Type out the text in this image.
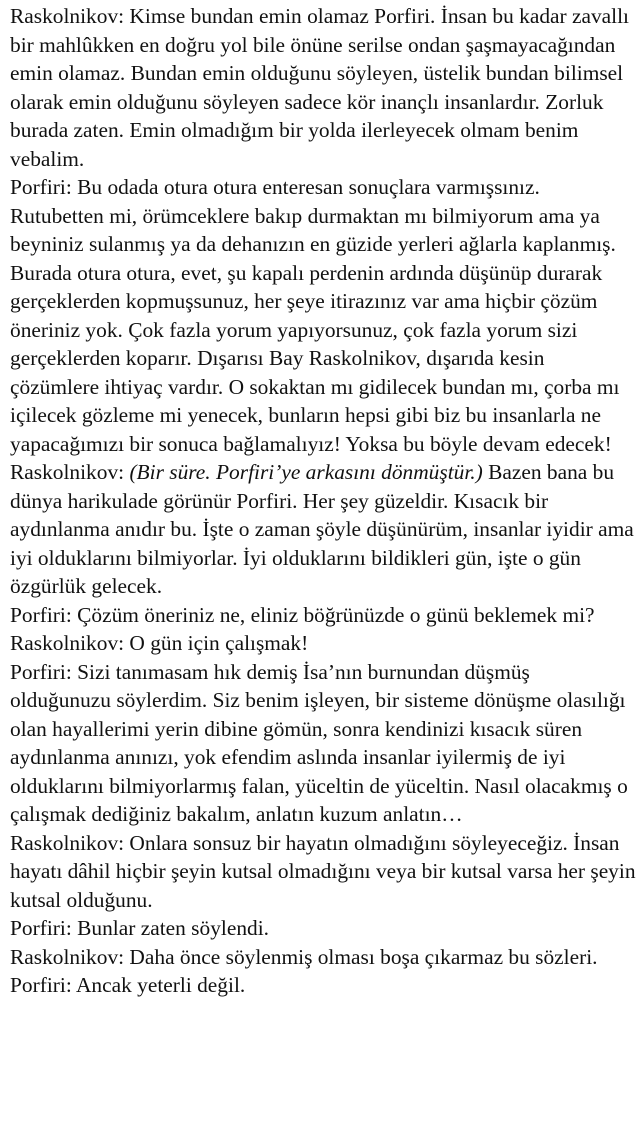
Raskolnikov: Kimse bundan emin olamaz Porfiri. İnsan bu kadar zavallı bir mahlûkken en doğru yol bile önüne serilse ondan şaşmayacağından emin olamaz. Bundan emin olduğunu söyleyen, üstelik bundan bilimsel olarak emin olduğunu söyleyen sadece kör inançlı insanlardır. Zorluk burada zaten. Emin olmadığım bir yolda ilerleyecek olmam benim vebalim.

Porfiri: Bu odada otura otura enteresan sonuçlara varmışsınız. Rutubetten mi, örümceklere bakıp durmaktan mı bilmiyorum ama ya beyniniz sulanmış ya da dehanızın en güzide yerleri ağlarla kaplanmış. Burada otura otura, evet, şu kapalı perdenin ardında düşünüp durarak gerçeklerden kopmuşsunuz, her şeye itirazınız var ama hiçbir çözüm öneriniz yok. Çok fazla yorum yapıyorsunuz, çok fazla yorum sizi gerçeklerden koparır. Dışarısı Bay Raskolnikov, dışarıda kesin çözümlere ihtiyaç vardır. O sokaktan mı gidilecek bundan mı, çorba mı içilecek gözleme mi yenecek, bunların hepsi gibi biz bu insanlarla ne yapacağımızı bir sonuca bağlamalıyız! Yoksa bu böyle devam edecek!

Raskolnikov: (Bir süre. Porfiri’ye arkasını dönmüştür.) Bazen bana bu dünya harikulade görünür Porfiri. Her şey güzeldir. Kısacık bir aydınlanma anıdır bu. İşte o zaman şöyle düşünürüm, insanlar iyidir ama iyi olduklarını bilmiyorlar. İyi olduklarını bildikleri gün, işte o gün özgürlük gelecek.

Porfiri: Çözüm öneriniz ne, eliniz böğrünüzde o günü beklemek mi?

Raskolnikov: O gün için çalışmak!

Porfiri: Sizi tanımasam hık demiş İsa’nın burnundan düşmüş olduğunuzu söylerdim. Siz benim işleyen, bir sisteme dönüşme olasılığı olan hayallerimi yerin dibine gömün, sonra kendinizi kısacık süren aydınlanma anınızı, yok efendim aslında insanlar iyilermiş de iyi olduklarını bilmiyorlarmış falan, yüceltin de yüceltin. Nasıl olacakmış o çalışmak dediğiniz bakalım, anlatın kuzum anlatın…

Raskolnikov: Onlara sonsuz bir hayatın olmadığını söyleyeceğiz. İnsan hayatı dâhil hiçbir şeyin kutsal olmadığını veya bir kutsal varsa her şeyin kutsal olduğunu.

Porfiri: Bunlar zaten söylendi.

Raskolnikov: Daha önce söylenmiş olması boşa çıkarmaz bu sözleri.

Porfiri: Ancak yeterli değil.
